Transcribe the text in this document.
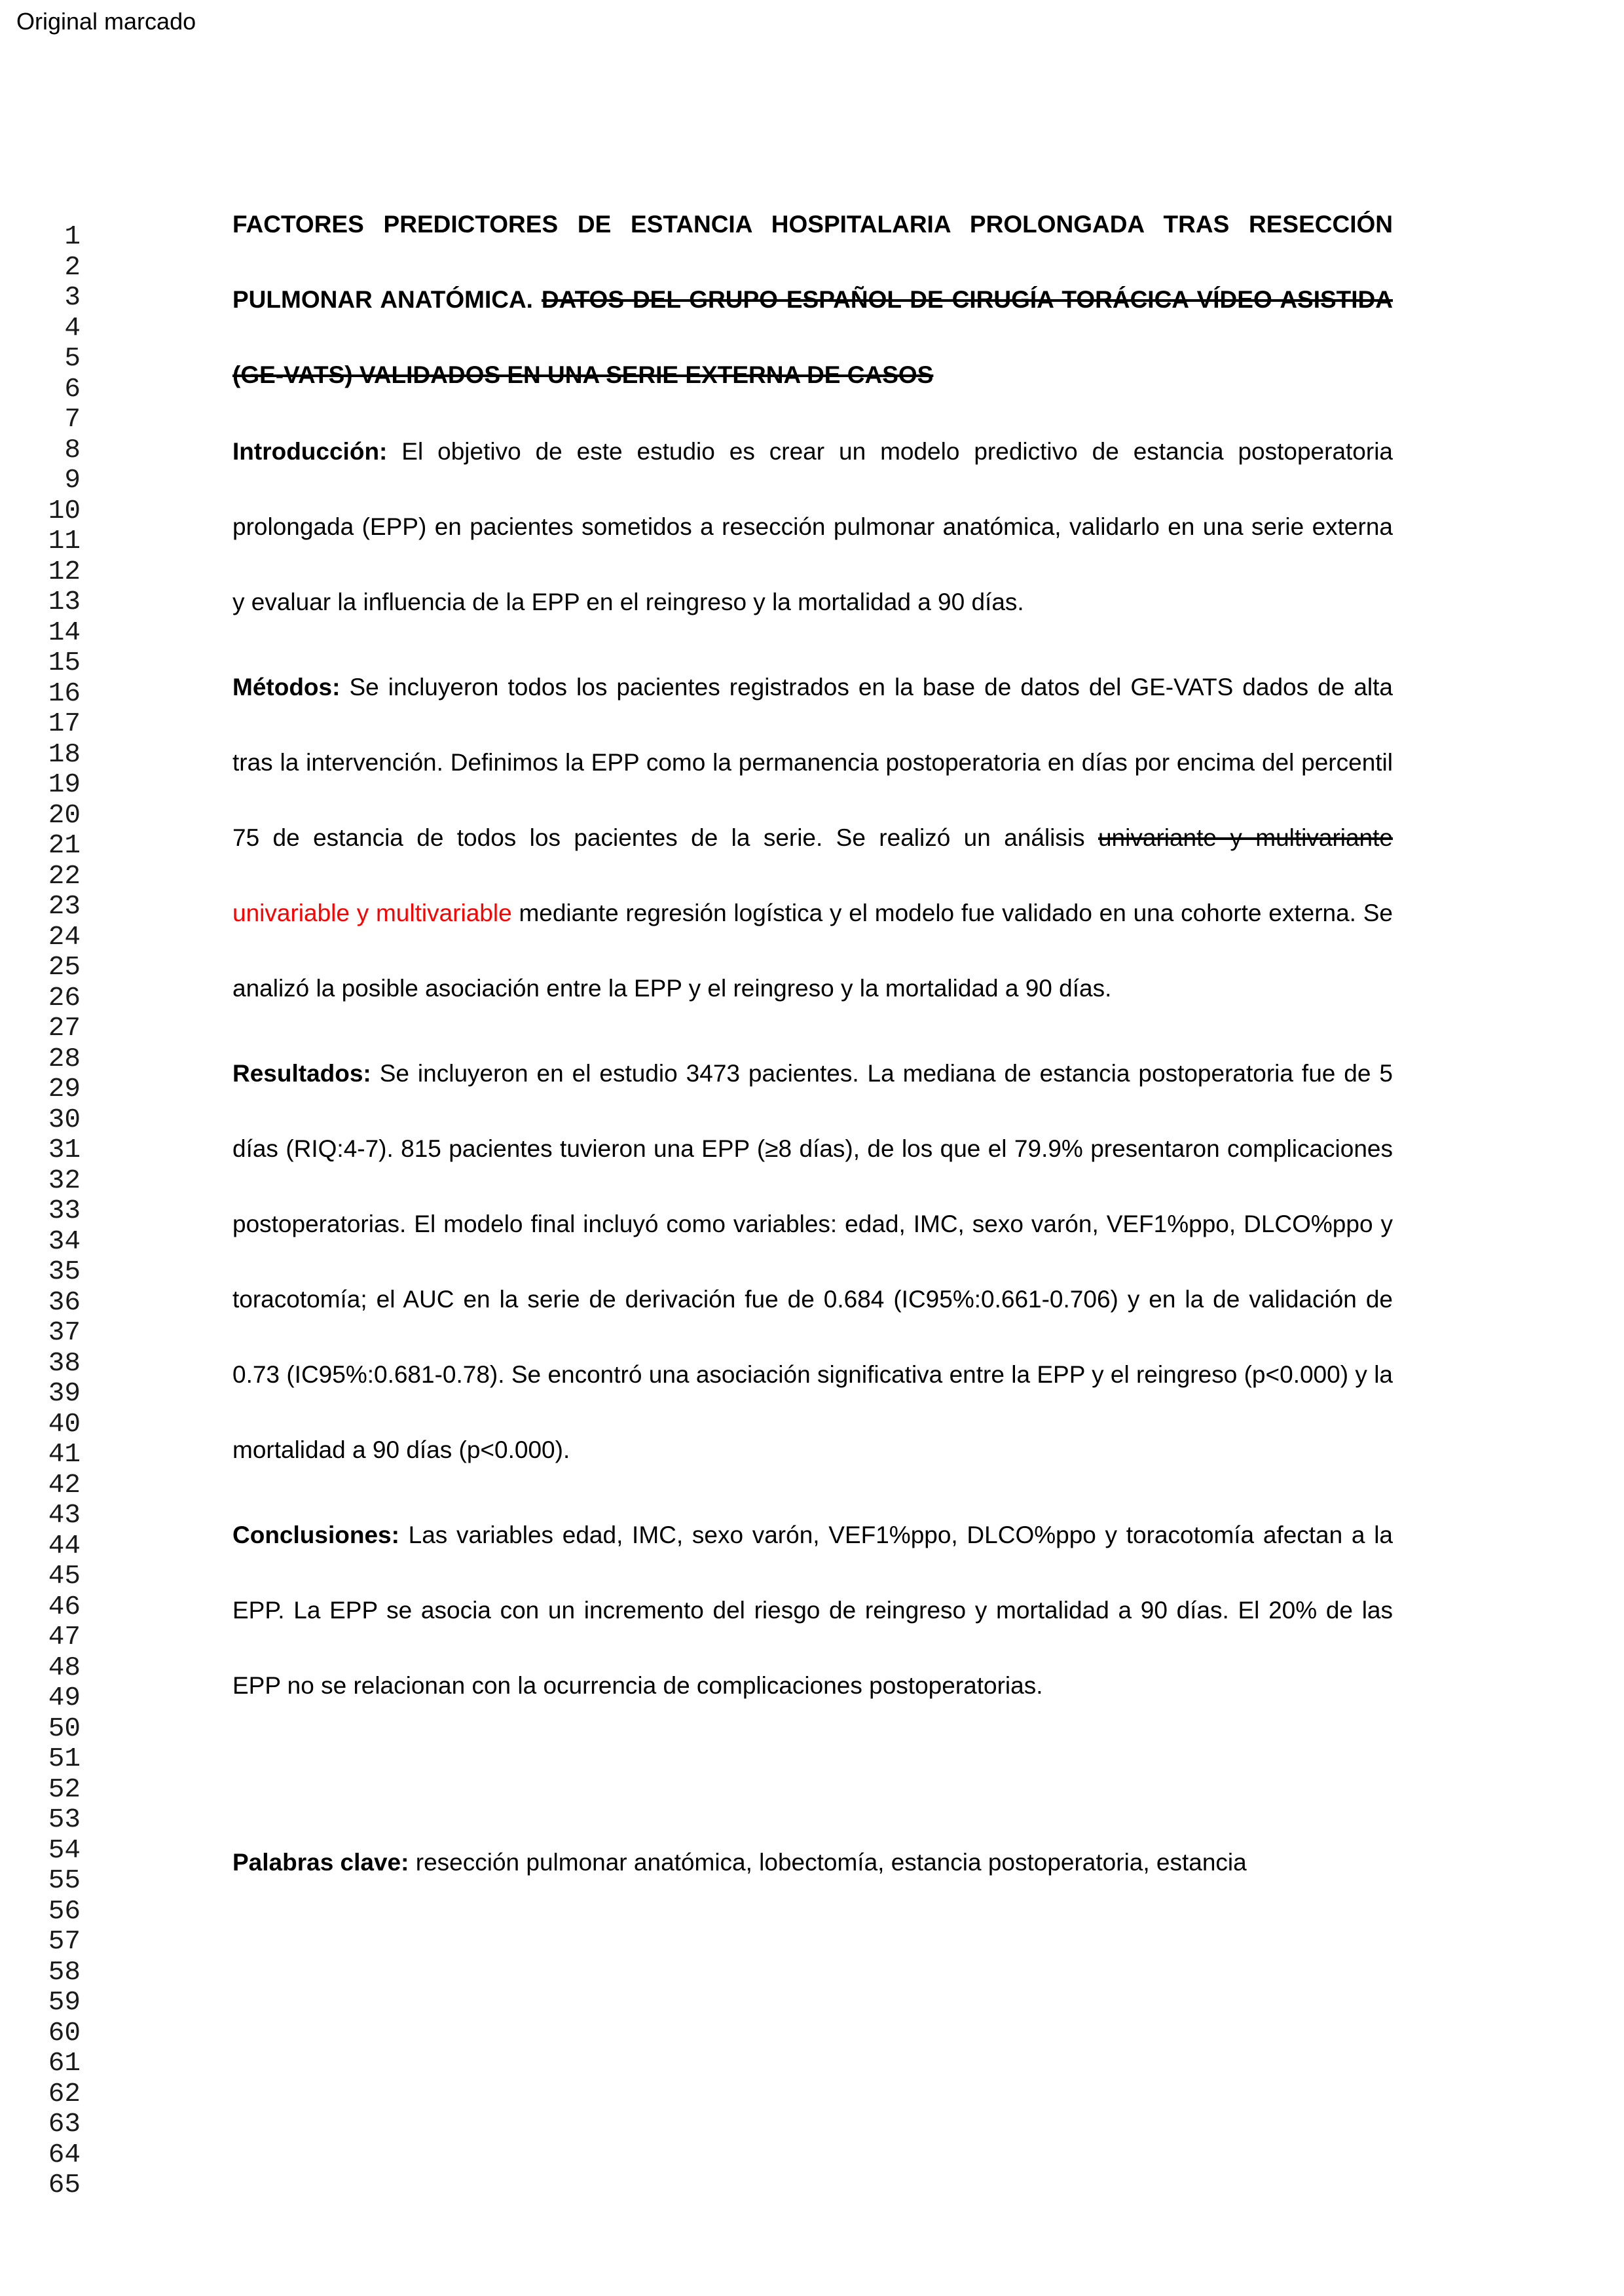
Original marcado
1
2
3
4
5
6
7
8
9
10
11
12
13
14
15
16
17
18
19
20
21
22
23
24
25
26
27
28
29
30
31
32
33
34
35
36
37
38
39
40
41
42
43
44
45
46
47
48
49
50
51
52
53
54
55
56
57
58
59
60
61
62
63
64
65

FACTORES PREDICTORES DE ESTANCIA HOSPITALARIA PROLONGADA TRAS RESECCIÓN PULMONAR ANATÓMICA. DATOS DEL GRUPO ESPAÑOL DE CIRUGÍA TORÁCICA VÍDEO ASISTIDA (GE-VATS) VALIDADOS EN UNA SERIE EXTERNA DE CASOS

Introducción: El objetivo de este estudio es crear un modelo predictivo de estancia postoperatoria prolongada (EPP) en pacientes sometidos a resección pulmonar anatómica, validarlo en una serie externa y evaluar la influencia de la EPP en el reingreso y la mortalidad a 90 días.

Métodos: Se incluyeron todos los pacientes registrados en la base de datos del GE-VATS dados de alta tras la intervención. Definimos la EPP como la permanencia postoperatoria en días por encima del percentil 75 de estancia de todos los pacientes de la serie. Se realizó un análisis univariante y multivariante univariable y multivariable mediante regresión logística y el modelo fue validado en una cohorte externa. Se analizó la posible asociación entre la EPP y el reingreso y la mortalidad a 90 días.

Resultados: Se incluyeron en el estudio 3473 pacientes. La mediana de estancia postoperatoria fue de 5 días (RIQ:4-7). 815 pacientes tuvieron una EPP (≥8 días), de los que el 79.9% presentaron complicaciones postoperatorias. El modelo final incluyó como variables: edad, IMC, sexo varón, VEF1%ppo, DLCO%ppo y toracotomía; el AUC en la serie de derivación fue de 0.684 (IC95%:0.661-0.706) y en la de validación de 0.73 (IC95%:0.681-0.78). Se encontró una asociación significativa entre la EPP y el reingreso (p<0.000) y la mortalidad a 90 días (p<0.000).

Conclusiones: Las variables edad, IMC, sexo varón, VEF1%ppo, DLCO%ppo y toracotomía afectan a la EPP. La EPP se asocia con un incremento del riesgo de reingreso y mortalidad a 90 días. El 20% de las EPP no se relacionan con la ocurrencia de complicaciones postoperatorias.

Palabras clave: resección pulmonar anatómica, lobectomía, estancia postoperatoria, estancia
